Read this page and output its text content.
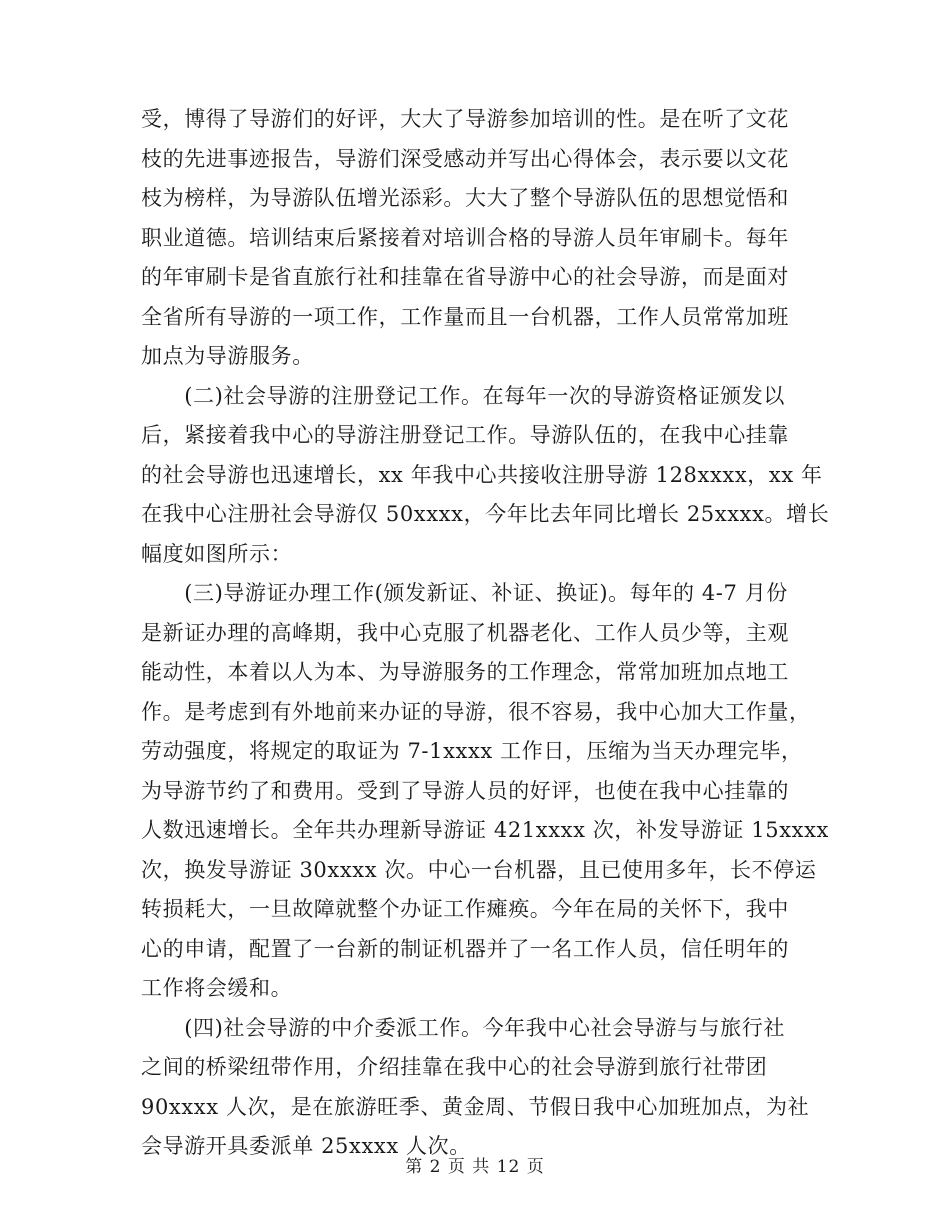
受，博得了导游们的好评，大大了导游参加培训的性。是在听了文花
枝的先进事迹报告，导游们深受感动并写出心得体会，表示要以文花
枝为榜样，为导游队伍增光添彩。大大了整个导游队伍的思想觉悟和
职业道德。培训结束后紧接着对培训合格的导游人员年审刷卡。每年
的年审刷卡是省直旅行社和挂靠在省导游中心的社会导游，而是面对
全省所有导游的一项工作，工作量而且一台机器，工作人员常常加班
加点为导游服务。
　　(二)社会导游的注册登记工作。在每年一次的导游资格证颁发以
后，紧接着我中心的导游注册登记工作。导游队伍的，在我中心挂靠
的社会导游也迅速增长，xx 年我中心共接收注册导游 128xxxx，xx 年
在我中心注册社会导游仅 50xxxx，今年比去年同比增长 25xxxx。增长
幅度如图所示：
　　(三)导游证办理工作(颁发新证、补证、换证)。每年的 4-7 月份
是新证办理的高峰期，我中心克服了机器老化、工作人员少等，主观
能动性，本着以人为本、为导游服务的工作理念，常常加班加点地工
作。是考虑到有外地前来办证的导游，很不容易，我中心加大工作量，
劳动强度，将规定的取证为 7-1xxxx 工作日，压缩为当天办理完毕，
为导游节约了和费用。受到了导游人员的好评，也使在我中心挂靠的
人数迅速增长。全年共办理新导游证 421xxxx 次，补发导游证 15xxxx
次，换发导游证 30xxxx 次。中心一台机器，且已使用多年，长不停运
转损耗大，一旦故障就整个办证工作瘫痪。今年在局的关怀下，我中
心的申请，配置了一台新的制证机器并了一名工作人员，信任明年的
工作将会缓和。
　　(四)社会导游的中介委派工作。今年我中心社会导游与与旅行社
之间的桥梁纽带作用，介绍挂靠在我中心的社会导游到旅行社带团
90xxxx 人次，是在旅游旺季、黄金周、节假日我中心加班加点，为社
会导游开具委派单 25xxxx 人次。
第 2 页 共 12 页
